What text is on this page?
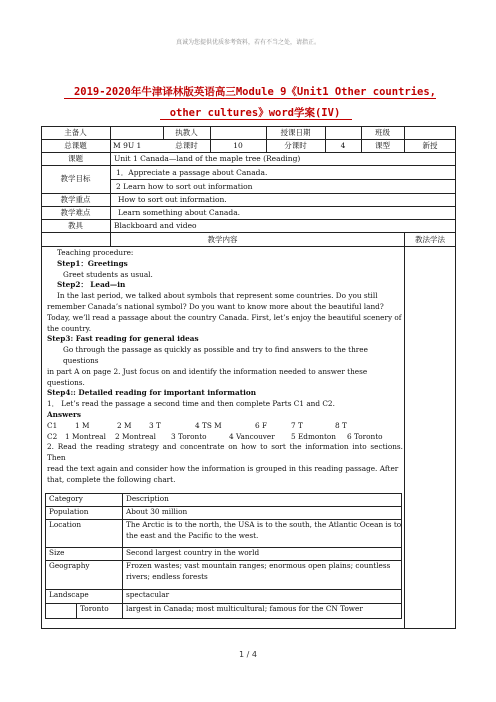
真诚为您提供优质参考资料，若有不当之处，请指正。
2019-2020年牛津译林版英语高三Module 9《Unit1 Other countries,
other cultures》word学案(IV)
主备人	执教人	授课日期	班级
总课题	M 9U 1	总课时	10	分课时	4	课型	新授
课题	Unit 1 Canada—land of the maple tree (Reading)
教学目标
1．Appreciate a passage about Canada.
2 Learn how to sort out information
教学重点	How to sort out information.
教学难点	Learn something about Canada.
教具	Blackboard and video
教学内容	教法学法

Teaching procedure:

Step1：Greetings

Greet students as usual.

Step2： Lead—in

In the last period, we talked about symbols that represent some countries. Do you still

remember Canada’s national symbol? Do you want to know more about the beautiful land?

Today, we’ll read a passage about the country Canada. First, let’s enjoy the beautiful scenery of

the country.

Step3: Fast reading for general ideas

Go through the passage as quickly as possible and try to find answers to the three questions

in part A on page 2. Just focus on and identify the information needed to answer these questions.

Step4:: Detailed reading for important information

1． Let’s read the passage a second time and then complete Parts C1 and C2.

Answers

C1 1 M	2 M 3 T	4 TS M	6 F	7 T	8 T

C2 1 Montreal 2 Montreal 3 Toronto	4 Vancouver 5 Edmonton 6 Toronto

2. Read the reading strategy and concentrate on how to sort the information into sections. Then

read the text again and consider how the information is grouped in this reading passage. After

that, complete the following chart.

Category	Description
Population	About 30 million
Location	The Arctic is to the north, the USA is to the south, the Atlantic Ocean is to
the east and the Pacific to the west.
Size	Second largest country in the world
Geography	Frozen wastes; vast mountain ranges; enormous open plains; countless
rivers; endless forests
Landscape	spectacular
Toronto largest in Canada; most multicultural; famous for the CN Tower
1 / 4
